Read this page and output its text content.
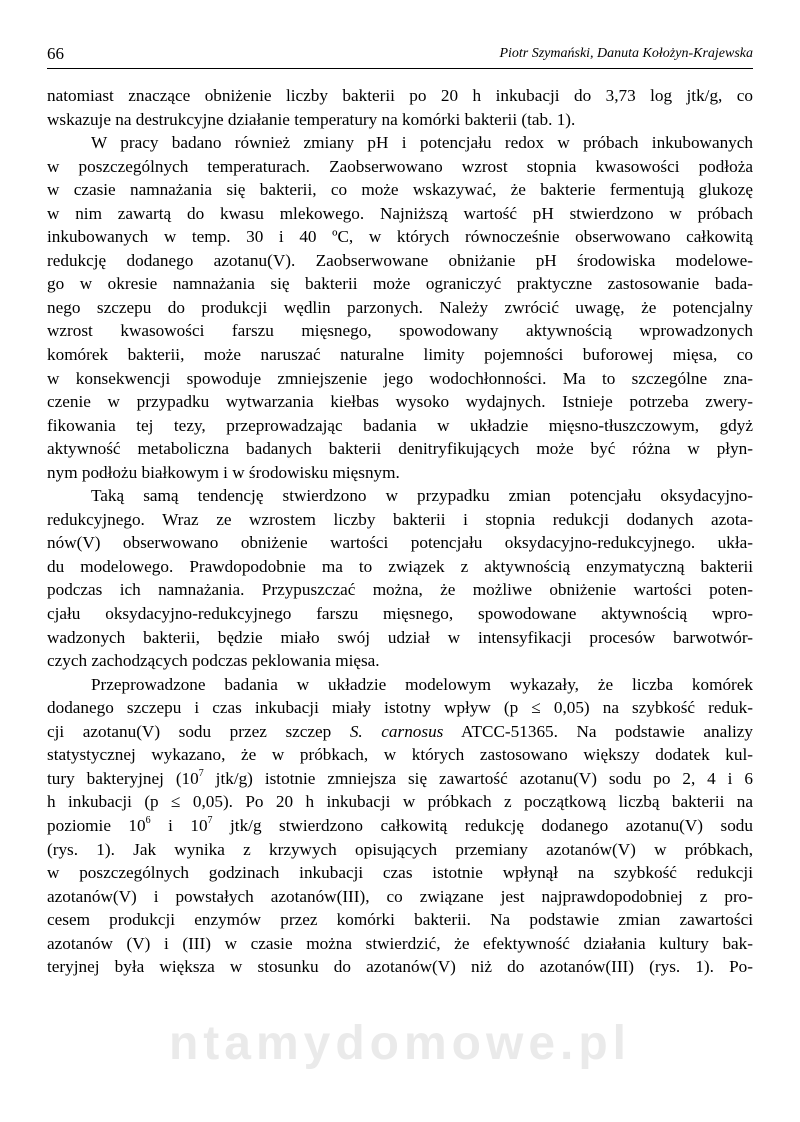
66	Piotr Szymański, Danuta Kołożyn-Krajewska

natomiast znaczące obniżenie liczby bakterii po 20 h inkubacji do 3,73 log jtk/g, co
wskazuje na destrukcyjne działanie temperatury na komórki bakterii (tab. 1).

W pracy badano również zmiany pH i potencjału redox w próbach inkubowanych
w poszczególnych temperaturach. Zaobserwowano wzrost stopnia kwasowości podłoża
w czasie namnażania się bakterii, co może wskazywać, że bakterie fermentują glukozę
w nim zawartą do kwasu mlekowego. Najniższą wartość pH stwierdzono w próbach
inkubowanych w temp. 30 i 40 ºC, w których równocześnie obserwowano całkowitą
redukcję dodanego azotanu(V). Zaobserwowane obniżanie pH środowiska modelowe-
go w okresie namnażania się bakterii może ograniczyć praktyczne zastosowanie bada-
nego szczepu do produkcji wędlin parzonych. Należy zwrócić uwagę, że potencjalny
wzrost kwasowości farszu mięsnego, spowodowany aktywnością wprowadzonych
komórek bakterii, może naruszać naturalne limity pojemności buforowej mięsa, co
w konsekwencji spowoduje zmniejszenie jego wodochłonności. Ma to szczególne zna-
czenie w przypadku wytwarzania kiełbas wysoko wydajnych. Istnieje potrzeba zwery-
fikowania tej tezy, przeprowadzając badania w układzie mięsno-tłuszczowym, gdyż
aktywność metaboliczna badanych bakterii denitryfikujących może być różna w płyn-
nym podłożu białkowym i w środowisku mięsnym.

Taką samą tendencję stwierdzono w przypadku zmian potencjału oksydacyjno-
redukcyjnego. Wraz ze wzrostem liczby bakterii i stopnia redukcji dodanych azota-
nów(V) obserwowano obniżenie wartości potencjału oksydacyjno-redukcyjnego. ukła-
du modelowego. Prawdopodobnie ma to związek z aktywnością enzymatyczną bakterii
podczas ich namnażania. Przypuszczać można, że możliwe obniżenie wartości poten-
cjału oksydacyjno-redukcyjnego farszu mięsnego, spowodowane aktywnością wpro-
wadzonych bakterii, będzie miało swój udział w intensyfikacji procesów barwotwór-
czych zachodzących podczas peklowania mięsa.

Przeprowadzone badania w układzie modelowym wykazały, że liczba komórek
dodanego szczepu i czas inkubacji miały istotny wpływ (p ≤ 0,05) na szybkość reduk-
cji azotanu(V) sodu przez szczep S. carnosus ATCC-51365. Na podstawie analizy
statystycznej wykazano, że w próbkach, w których zastosowano większy dodatek kul-
tury bakteryjnej ($10^7$ jtk/g) istotnie zmniejsza się zawartość azotanu(V) sodu po 2, 4 i 6
h inkubacji (p ≤ 0,05). Po 20 h inkubacji w próbkach z początkową liczbą bakterii na
poziomie $10^6$ i $10^7$ jtk/g stwierdzono całkowitą redukcję dodanego azotanu(V) sodu
(rys. 1). Jak wynika z krzywych opisujących przemiany azotanów(V) w próbkach,
w poszczególnych godzinach inkubacji czas istotnie wpłynął na szybkość redukcji
azotanów(V) i powstałych azotanów(III), co związane jest najprawdopodobniej z pro-
cesem produkcji enzymów przez komórki bakterii. Na podstawie zmian zawartości
azotanów (V) i (III) w czasie można stwierdzić, że efektywność działania kultury bak-
teryjnej była większa w stosunku do azotanów(V) niż do azotanów(III) (rys. 1). Po-

ntamydomowe.pl
